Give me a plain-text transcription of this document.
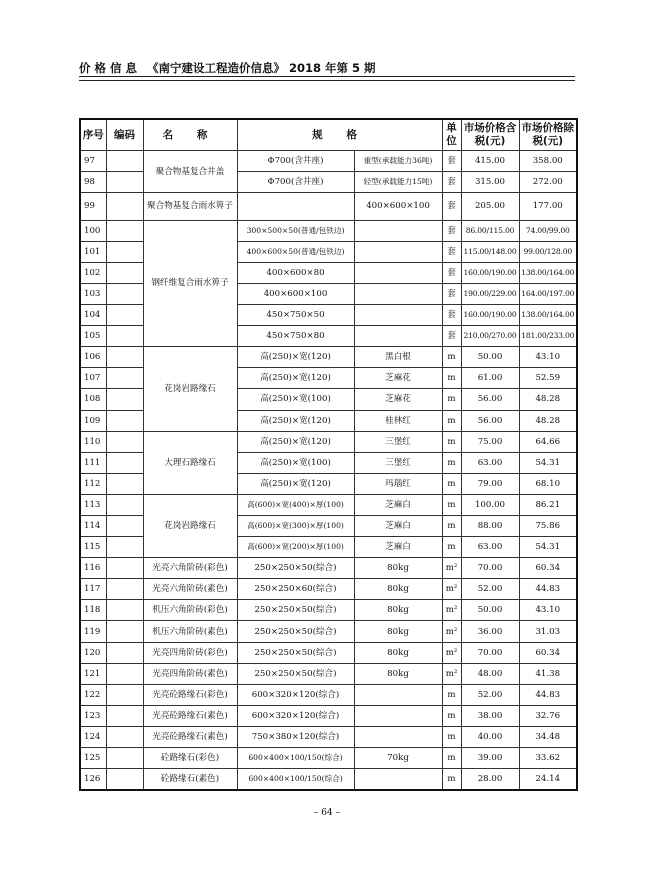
价格信息 《南宁建设工程造价信息》 2018 年第 5 期
序号	编码	名 称	规 格		单位	市场价格含税(元)	市场价格除税(元)
97		聚合物基复合井盖	Φ700(含井座)	重型(承载能力36吨)	套	415.00	358.00
98			Φ700(含井座)	轻型(承载能力15吨)	套	315.00	272.00
99		聚合物基复合雨水箅子		400×600×100	套	205.00	177.00
100		钢纤维复合雨水箅子	300×500×50(普通/包铁边)		套	86.00/115.00	74.00/99.00
101			400×600×50(普通/包铁边)		套	115.00/148.00	99.00/128.00
102			400×600×80		套	160.00/190.00	138.00/164.00
103			400×600×100		套	190.00/229.00	164.00/197.00
104			450×750×50		套	160.00/190.00	138.00/164.00
105			450×750×80		套	210.00/270.00	181.00/233.00
106		花岗岩路缘石	高(250)×宽(120)	黑白根	m	50.00	43.10
107			高(250)×宽(120)	芝麻花	m	61.00	52.59
108			高(250)×宽(100)	芝麻花	m	56.00	48.28
109			高(250)×宽(120)	桂林红	m	56.00	48.28
110		大理石路缘石	高(250)×宽(120)	三堡红	m	75.00	64.66
111			高(250)×宽(100)	三堡红	m	63.00	54.31
112			高(250)×宽(120)	玛瑙红	m	79.00	68.10
113		花岗岩路缘石	高(600)×宽(400)×厚(100)	芝麻白	m	100.00	86.21
114			高(600)×宽(300)×厚(100)	芝麻白	m	88.00	75.86
115			高(600)×宽(200)×厚(100)	芝麻白	m	63.00	54.31
116		光亮六角阶砖(彩色)	250×250×50(综合)	80kg	m²	70.00	60.34
117		光亮六角阶砖(素色)	250×250×60(综合)	80kg	m²	52.00	44.83
118		机压六角阶砖(彩色)	250×250×50(综合)	80kg	m²	50.00	43.10
119		机压六角阶砖(素色)	250×250×50(综合)	80kg	m²	36.00	31.03
120		光亮四角阶砖(彩色)	250×250×50(综合)	80kg	m²	70.00	60.34
121		光亮四角阶砖(素色)	250×250×50(综合)	80kg	m²	48.00	41.38
122		光亮砼路缘石(彩色)	600×320×120(综合)		m	52.00	44.83
123		光亮砼路缘石(素色)	600×320×120(综合)		m	38.00	32.76
124		光亮砼路缘石(素色)	750×380×120(综合)		m	40.00	34.48
125		砼路缘石(彩色)	600×400×100/150(综合)	70kg	m	39.00	33.62
126		砼路缘石(素色)	600×400×100/150(综合)		m	28.00	24.14
– 64 –
